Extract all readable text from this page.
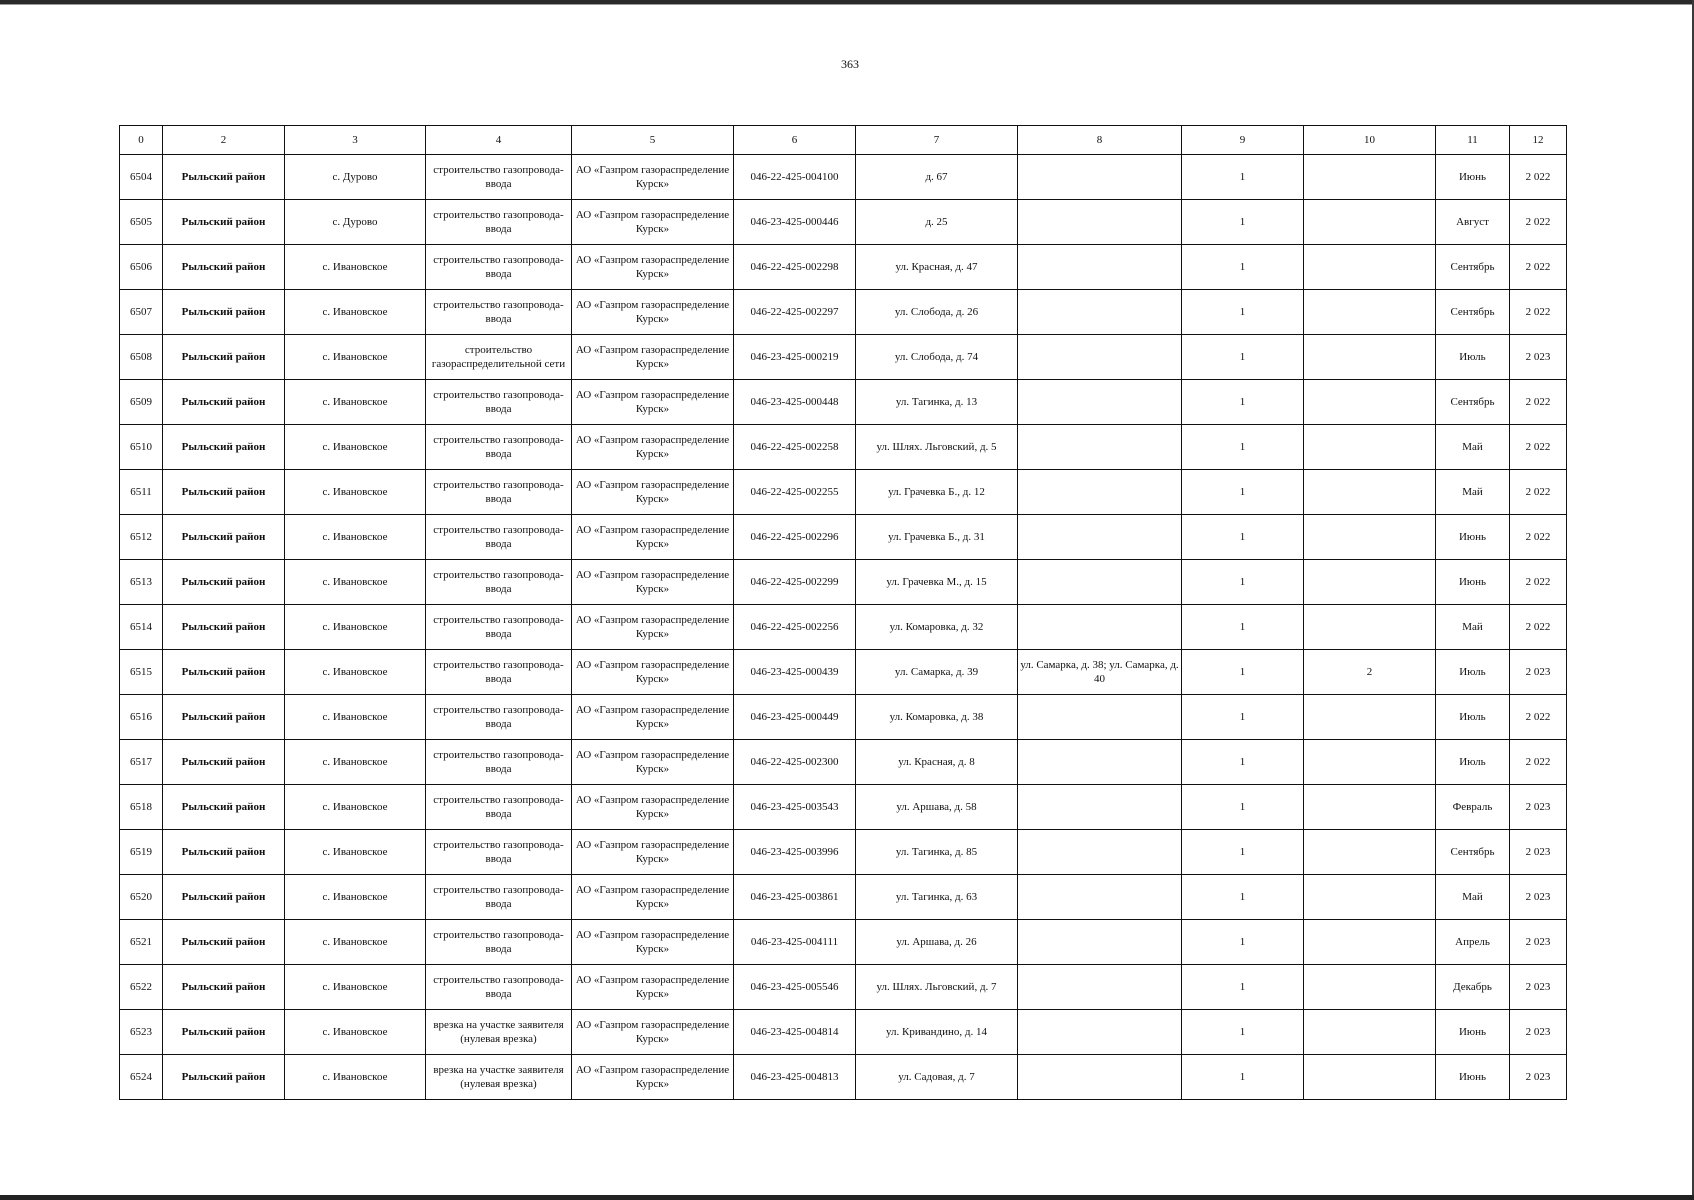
363
0	2	3	4	5	6	7	8	9	10	11	12
6504	Рыльский район	с. Дурово	строительство газопровода-ввода	АО «Газпром газораспределение Курск»	046-22-425-004100	д. 67		1		Июнь	2 022
6505	Рыльский район	с. Дурово	строительство газопровода-ввода	АО «Газпром газораспределение Курск»	046-23-425-000446	д. 25		1		Август	2 022
6506	Рыльский район	с. Ивановское	строительство газопровода-ввода	АО «Газпром газораспределение Курск»	046-22-425-002298	ул. Красная, д. 47		1		Сентябрь	2 022
6507	Рыльский район	с. Ивановское	строительство газопровода-ввода	АО «Газпром газораспределение Курск»	046-22-425-002297	ул. Слобода, д. 26		1		Сентябрь	2 022
6508	Рыльский район	с. Ивановское	строительство газораспределительной сети	АО «Газпром газораспределение Курск»	046-23-425-000219	ул. Слобода, д. 74		1		Июль	2 023
6509	Рыльский район	с. Ивановское	строительство газопровода-ввода	АО «Газпром газораспределение Курск»	046-23-425-000448	ул. Тагинка, д. 13		1		Сентябрь	2 022
6510	Рыльский район	с. Ивановское	строительство газопровода-ввода	АО «Газпром газораспределение Курск»	046-22-425-002258	ул. Шлях. Льговский, д. 5		1		Май	2 022
6511	Рыльский район	с. Ивановское	строительство газопровода-ввода	АО «Газпром газораспределение Курск»	046-22-425-002255	ул. Грачевка Б., д. 12		1		Май	2 022
6512	Рыльский район	с. Ивановское	строительство газопровода-ввода	АО «Газпром газораспределение Курск»	046-22-425-002296	ул. Грачевка Б., д. 31		1		Июнь	2 022
6513	Рыльский район	с. Ивановское	строительство газопровода-ввода	АО «Газпром газораспределение Курск»	046-22-425-002299	ул. Грачевка М., д. 15		1		Июнь	2 022
6514	Рыльский район	с. Ивановское	строительство газопровода-ввода	АО «Газпром газораспределение Курск»	046-22-425-002256	ул. Комаровка, д. 32		1		Май	2 022
6515	Рыльский район	с. Ивановское	строительство газопровода-ввода	АО «Газпром газораспределение Курск»	046-23-425-000439	ул. Самарка, д. 39	ул. Самарка, д. 38; ул. Самарка, д. 40	1	2	Июль	2 023
6516	Рыльский район	с. Ивановское	строительство газопровода-ввода	АО «Газпром газораспределение Курск»	046-23-425-000449	ул. Комаровка, д. 38		1		Июль	2 022
6517	Рыльский район	с. Ивановское	строительство газопровода-ввода	АО «Газпром газораспределение Курск»	046-22-425-002300	ул. Красная, д. 8		1		Июль	2 022
6518	Рыльский район	с. Ивановское	строительство газопровода-ввода	АО «Газпром газораспределение Курск»	046-23-425-003543	ул. Аршава, д. 58		1		Февраль	2 023
6519	Рыльский район	с. Ивановское	строительство газопровода-ввода	АО «Газпром газораспределение Курск»	046-23-425-003996	ул. Тагинка, д. 85		1		Сентябрь	2 023
6520	Рыльский район	с. Ивановское	строительство газопровода-ввода	АО «Газпром газораспределение Курск»	046-23-425-003861	ул. Тагинка, д. 63		1		Май	2 023
6521	Рыльский район	с. Ивановское	строительство газопровода-ввода	АО «Газпром газораспределение Курск»	046-23-425-004111	ул. Аршава, д. 26		1		Апрель	2 023
6522	Рыльский район	с. Ивановское	строительство газопровода-ввода	АО «Газпром газораспределение Курск»	046-23-425-005546	ул. Шлях. Льговский, д. 7		1		Декабрь	2 023
6523	Рыльский район	с. Ивановское	врезка на участке заявителя (нулевая врезка)	АО «Газпром газораспределение Курск»	046-23-425-004814	ул. Кривандино, д. 14		1		Июнь	2 023
6524	Рыльский район	с. Ивановское	врезка на участке заявителя (нулевая врезка)	АО «Газпром газораспределение Курск»	046-23-425-004813	ул. Садовая, д. 7		1		Июнь	2 023
